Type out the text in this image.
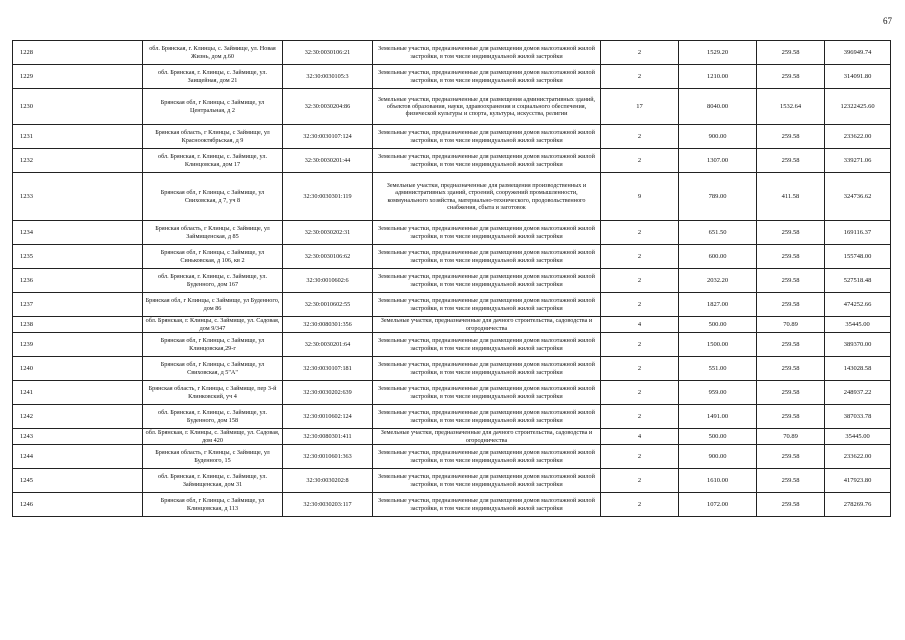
67
1228	обл. Брянская, г. Клинцы, с. Займище, ул. Новая Жизнь, дом д.60	32:30:0030106:21	Земельные участки, предназначенные для размещения домов малоэтажной жилой застройки, в том числе индивидуальной жилой застройки	2	1529.20	259.58	396949.74
1229	обл. Брянская, г. Клинцы, с. Займище, ул. Заищейная, дом 21	32:30:0030105:3	Земельные участки, предназначенные для размещения домов малоэтажной жилой застройки, в том числе индивидуальной жилой застройки	2	1210.00	259.58	314091.80
1230	Брянская обл, г Клинцы, с Займище, ул Центральная, д 2	32:30:0030204:86	Земельные участки, предназначенные для размещения административных зданий, объектов образования, науки, здравоохранения и социального обеспечения, физической культуры и спорта, культуры, искусства, религии	17	8040.00	1532.64	12322425.60
1231	Брянская область, г Клинцы, с Займище, ул Краснооктябрьская, д 9	32:30:0030107:124	Земельные участки, предназначенные для размещения домов малоэтажной жилой застройки, в том числе индивидуальной жилой застройки	2	900.00	259.58	233622.00
1232	обл. Брянская, г. Клинцы, с. Займище, ул. Клинцовская, дом 17	32:30:0030201:44	Земельные участки, предназначенные для размещения домов малоэтажной жилой застройки, в том числе индивидуальной жилой застройки	2	1307.00	259.58	339271.06
1233	Брянская обл, г Клинцы, с Займище, ул Свиховская, д 7, уч 8	32:30:0030301:119	Земельные участки, предназначенные для размещения производственных и административных зданий, строений, сооружений промышленности, коммунального хозяйства, материально-технического, продовольственного снабжения, сбыта и заготовок	9	789.00	411.58	324736.62
1234	Брянская область, г Клинцы, с Займище, ул Займищенская, д 85	32:30:0030202:31	Земельные участки, предназначенные для размещения домов малоэтажной жилой застройки, в том числе индивидуальной жилой застройки	2	651.50	259.58	169116.37
1235	Брянская обл, г Клинцы, с Займище, ул Синьковская, д 106, кв 2	32:30:0030106:62	Земельные участки, предназначенные для размещения домов малоэтажной жилой застройки, в том числе индивидуальной жилой застройки	2	600.00	259.58	155748.00
1236	обл. Брянская, г. Клинцы, с. Займище, ул. Буденного, дом 167	32:30:0010602:6	Земельные участки, предназначенные для размещения домов малоэтажной жилой застройки, в том числе индивидуальной жилой застройки	2	2032.20	259.58	527518.48
1237	Брянская обл, г Клинцы, с Займище, ул Буденного, дом 86	32:30:0010602:55	Земельные участки, предназначенные для размещения домов малоэтажной жилой застройки, в том числе индивидуальной жилой застройки	2	1827.00	259.58	474252.66
1238	обл. Брянская, г. Клинцы, с. Займище, ул. Садовая, дом 9/347	32:30:0080301:356	Земельные участки, предназначенные для дачного строительства, садоводства и огородничества	4	500.00	70.89	35445.00
1239	Брянская обл, г Клинцы, с Займище, ул Клинцовская,29-г	32:30:0030201:64	Земельные участки, предназначенные для размещения домов малоэтажной жилой застройки, в том числе индивидуальной жилой застройки	2	1500.00	259.58	389370.00
1240	Брянская обл, г Клинцы, с Займище, ул Свиховская, д 5"А"	32:30:0030107:181	Земельные участки, предназначенные для размещения домов малоэтажной жилой застройки, в том числе индивидуальной жилой застройки	2	551.00	259.58	143028.58
1241	Брянская область, г Клинцы, с Займище, пер 3-й Клинковский, уч 4	32:30:0030202:639	Земельные участки, предназначенные для размещения домов малоэтажной жилой застройки, в том числе индивидуальной жилой застройки	2	959.00	259.58	248937.22
1242	обл. Брянская, г. Клинцы, с. Займище, ул. Буденного, дом 158	32:30:0010602:124	Земельные участки, предназначенные для размещения домов малоэтажной жилой застройки, в том числе индивидуальной жилой застройки	2	1491.00	259.58	387033.78
1243	обл. Брянская, г. Клинцы, с. Займище, ул. Садовая, дом 420	32:30:0080301:411	Земельные участки, предназначенные для дачного строительства, садоводства и огородничества	4	500.00	70.89	35445.00
1244	Брянская область, г Клинцы, с Займище, ул Буденного, 15	32:30:0010601:363	Земельные участки, предназначенные для размещения домов малоэтажной жилой застройки, в том числе индивидуальной жилой застройки	2	900.00	259.58	233622.00
1245	обл. Брянская, г. Клинцы, с. Займище, ул. Займищенская, дом 31	32:30:0030202:8	Земельные участки, предназначенные для размещения домов малоэтажной жилой застройки, в том числе индивидуальной жилой застройки	2	1610.00	259.58	417923.80
1246	Брянская обл, г Клинцы, с Займище, ул Клинцовская, д 113	32:30:0030203:117	Земельные участки, предназначенные для размещения домов малоэтажной жилой застройки, в том числе индивидуальной жилой застройки	2	1072.00	259.58	278269.76
